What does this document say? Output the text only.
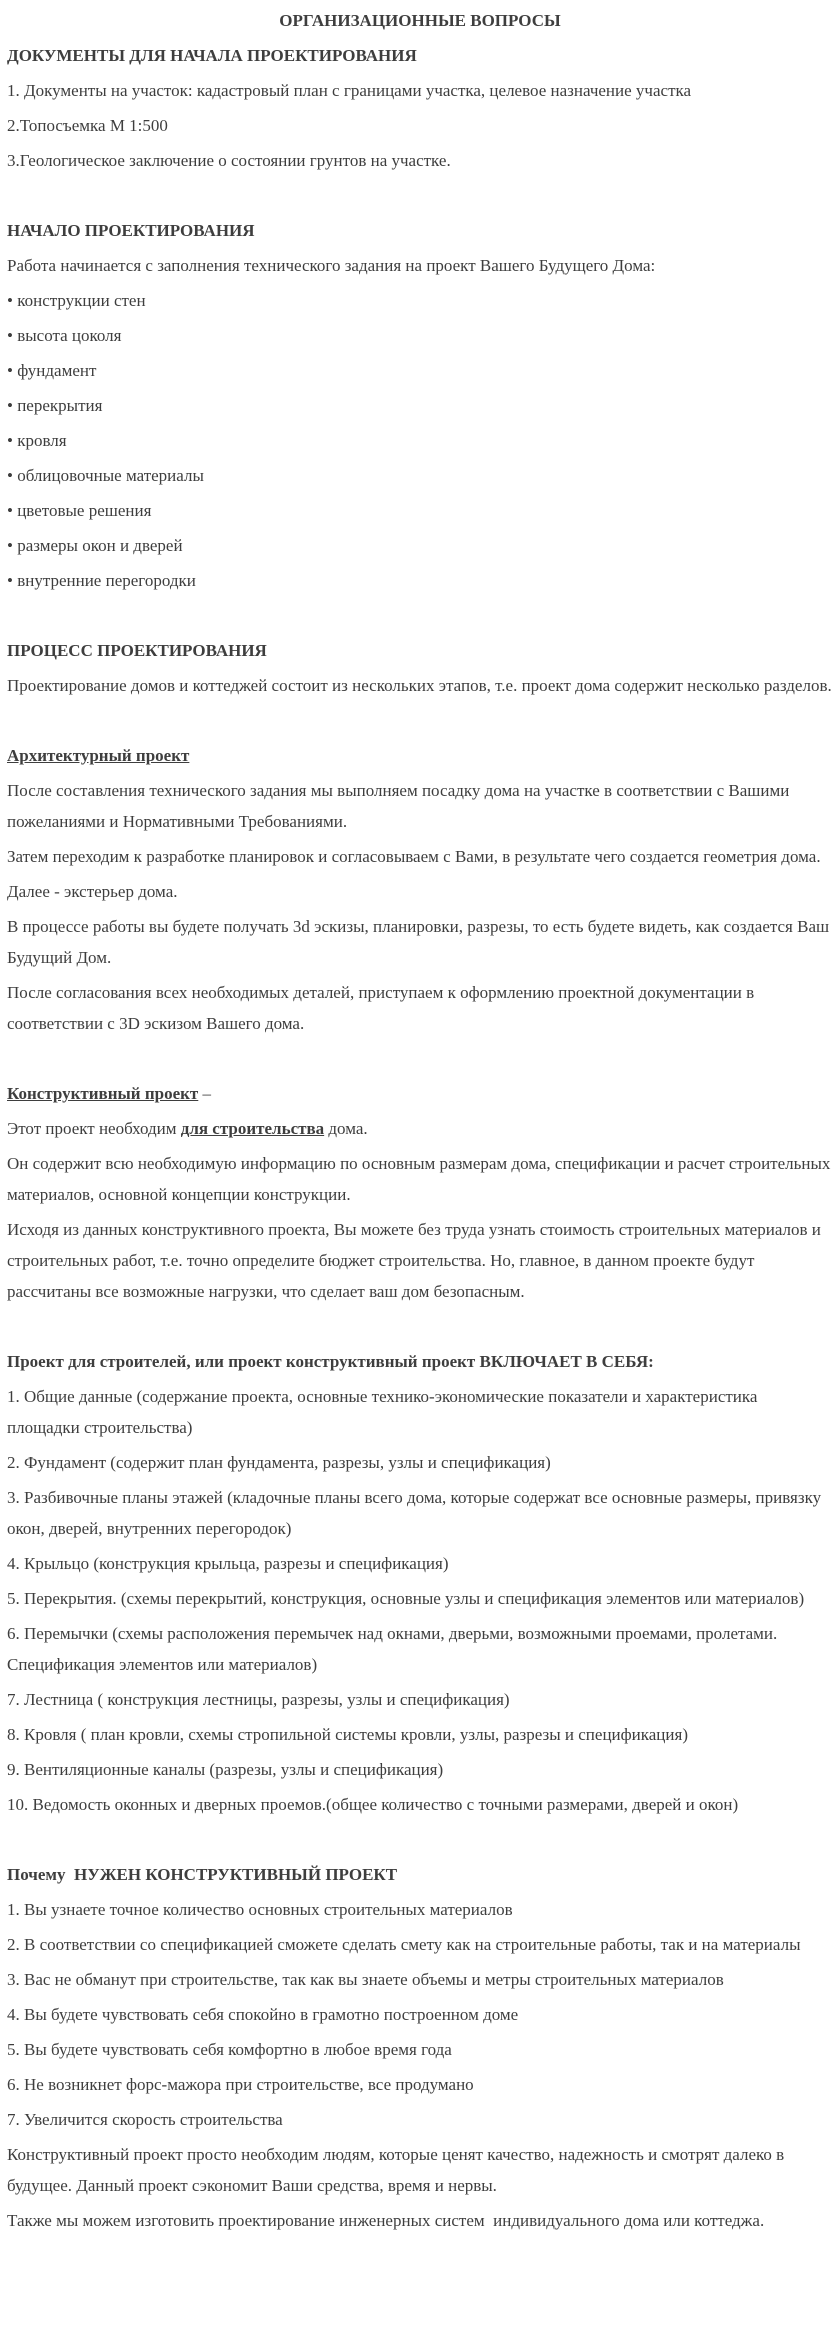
ОРГАНИЗАЦИОННЫЕ ВОПРОСЫ

ДОКУМЕНТЫ ДЛЯ НАЧАЛА ПРОЕКТИРОВАНИЯ

1. Документы на участок: кадастровый план с границами участка, целевое назначение участка

2.Топосъемка М 1:500

3.Геологическое заключение о состоянии грунтов на участке.

НАЧАЛО ПРОЕКТИРОВАНИЯ

Работа начинается с заполнения технического задания на проект Вашего Будущего Дома:

• конструкции стен

• высота цоколя

• фундамент

• перекрытия

• кровля

• облицовочные материалы

• цветовые решения

• размеры окон и дверей

• внутренние перегородки

ПРОЦЕСС ПРОЕКТИРОВАНИЯ

Проектирование домов и коттеджей состоит из нескольких этапов, т.е. проект дома содержит несколько разделов.

Архитектурный проект

После составления технического задания мы выполняем посадку дома на участке в соответствии с Вашими пожеланиями и Нормативными Требованиями.

Затем переходим к разработке планировок и согласовываем с Вами, в результате чего создается геометрия дома.

Далее - экстерьер дома.

В процессе работы вы будете получать 3d эскизы, планировки, разрезы, то есть будете видеть, как создается Ваш Будущий Дом.

После согласования всех необходимых деталей, приступаем к оформлению проектной документации в соответствии с 3D эскизом Вашего дома.

Конструктивный проект –

Этот проект необходим для строительства дома.

Он содержит всю необходимую информацию по основным размерам дома, спецификации и расчет строительных материалов, основной концепции конструкции.

Исходя из данных конструктивного проекта, Вы можете без труда узнать стоимость строительных материалов и строительных работ, т.е. точно определите бюджет строительства. Но, главное, в данном проекте будут рассчитаны все возможные нагрузки, что сделает ваш дом безопасным.

Проект для строителей, или проект конструктивный проект ВКЛЮЧАЕТ В СЕБЯ:

1. Общие данные (содержание проекта, основные технико-экономические показатели и характеристика площадки строительства)

2. Фундамент (содержит план фундамента, разрезы, узлы и спецификация)

3. Разбивочные планы этажей (кладочные планы всего дома, которые содержат все основные размеры, привязку окон, дверей, внутренних перегородок)

4. Крыльцо (конструкция крыльца, разрезы и спецификация)

5. Перекрытия. (схемы перекрытий, конструкция, основные узлы и спецификация элементов или материалов)

6. Перемычки (схемы расположения перемычек над окнами, дверьми, возможными проемами, пролетами. Спецификация элементов или материалов)

7. Лестница ( конструкция лестницы, разрезы, узлы и спецификация)

8. Кровля ( план кровли, схемы стропильной системы кровли, узлы, разрезы и спецификация)

9. Вентиляционные каналы (разрезы, узлы и спецификация)

10. Ведомость оконных и дверных проемов.(общее количество с точными размерами, дверей и окон)

Почему  НУЖЕН КОНСТРУКТИВНЫЙ ПРОЕКТ

1. Вы узнаете точное количество основных строительных материалов

2. В соответствии со спецификацией сможете сделать смету как на строительные работы, так и на материалы

3. Вас не обманут при строительстве, так как вы знаете объемы и метры строительных материалов

4. Вы будете чувствовать себя спокойно в грамотно построенном доме

5. Вы будете чувствовать себя комфортно в любое время года

6. Не возникнет форс-мажора при строительстве, все продумано

7. Увеличится скорость строительства

Конструктивный проект просто необходим людям, которые ценят качество, надежность и смотрят далеко в будущее. Данный проект сэкономит Ваши средства, время и нервы.

Также мы можем изготовить проектирование инженерных систем  индивидуального дома или коттеджа.
